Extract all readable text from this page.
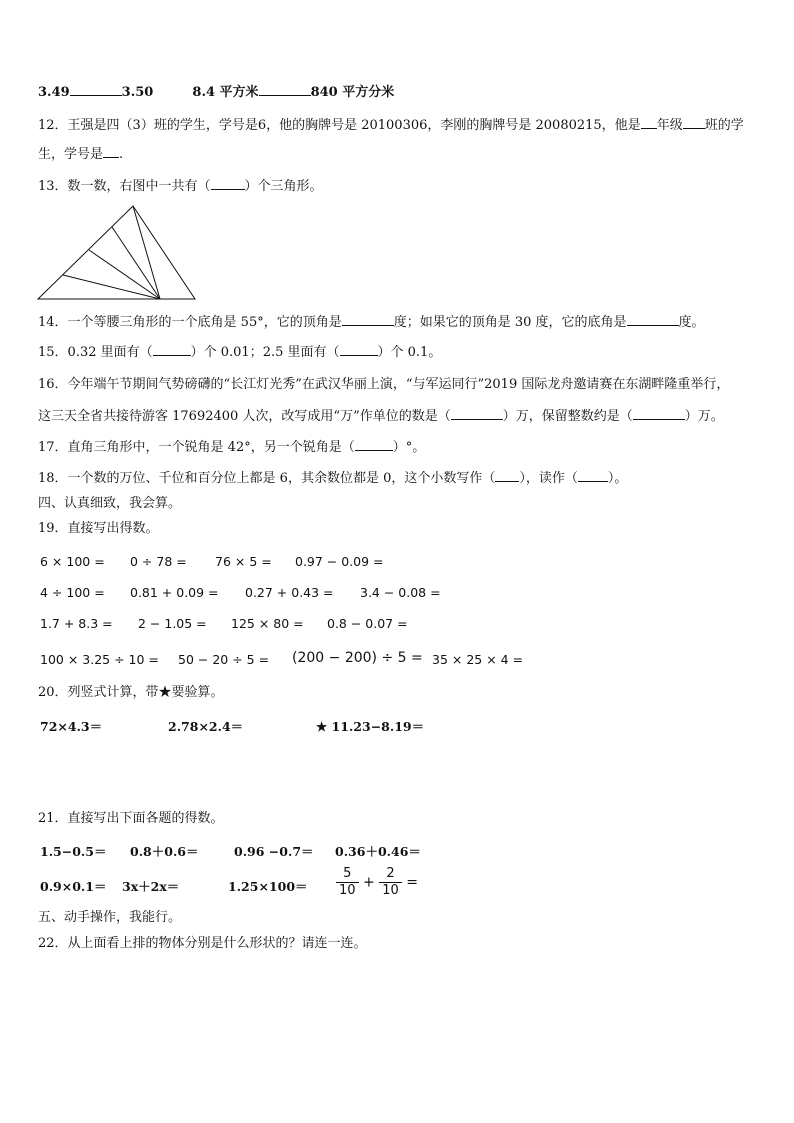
3.49	3.50	8.4 平方米	840 平方分米
12．王强是四（3）班的学生，学号是6，他的胸牌号是 20100306，李刚的胸牌号是 20080215，他是 年级 班的学
生，学号是 .
13．数一数，右图中一共有（	）个三角形。
14．一个等腰三角形的一个底角是 55°，它的顶角是	度；如果它的顶角是 30 度，它的底角是	度。
15．0.32 里面有（	）个 0.01；2.5 里面有（	）个 0.1。
16．今年端午节期间气势磅礴的“长江灯光秀”在武汉华丽上演，“与军运同行”2019 国际龙舟邀请赛在东湖畔隆重举行，
这三天全省共接待游客 17692400 人次，改写成用“万”作单位的数是（	）万，保留整数约是（	）万。
17．直角三角形中，一个锐角是 42°，另一个锐角是（	）°。
18．一个数的万位、千位和百分位上都是 6，其余数位都是 0，这个小数写作（ ），读作（ ）。
四、认真细致，我会算。
19．直接写出得数。
6 × 100 = 0 ÷ 78 = 76 × 5 = 0.97 − 0.09 =
4 ÷ 100 = 0.81 + 0.09 = 0.27 + 0.43 = 3.4 − 0.08 =
1.7 + 8.3 = 2 − 1.05 = 125 × 80 = 0.8 − 0.07 =
100 × 3.25 ÷ 10 = 50 − 20 ÷ 5 = (200 − 200) ÷ 5 = 35 × 25 × 4 =
20．列竖式计算，带★要验算。
72×4.3＝	2.78×2.4＝	★ 11.23−8.19＝
21．直接写出下面各题的得数。
1.5−0.5＝ 0.8＋0.6＝	0.96 −0.7＝ 0.36＋0.46＝
0.9×0.1＝ 3x＋2x＝	$1.25\times 100= \frac{5}{10} + \frac{2}{10}$ =
五、动手操作，我能行。
22．从上面看上排的物体分别是什么形状的？请连一连。
